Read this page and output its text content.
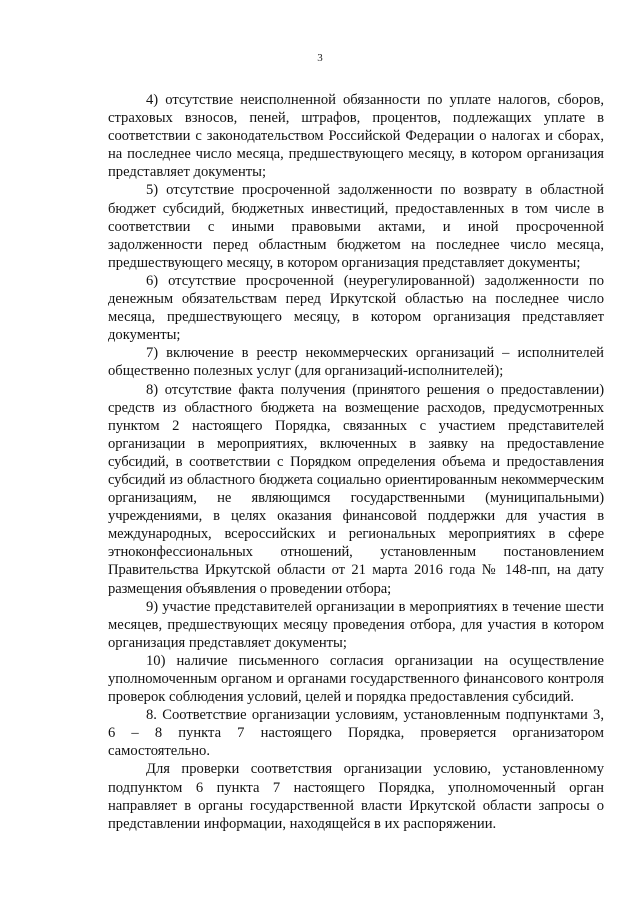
3

4) отсутствие неисполненной обязанности по уплате налогов, сборов, страховых взносов, пеней, штрафов, процентов, подлежащих уплате в соответствии с законодательством Российской Федерации о налогах и сборах, на последнее число месяца, предшествующего месяцу, в котором организация представляет документы;

5) отсутствие просроченной задолженности по возврату в областной бюджет субсидий, бюджетных инвестиций, предоставленных в том числе в соответствии с иными правовыми актами, и иной просроченной задолженности перед областным бюджетом на последнее число месяца, предшествующего месяцу, в котором организация представляет документы;

6) отсутствие просроченной (неурегулированной) задолженности по денежным обязательствам перед Иркутской областью на последнее число месяца, предшествующего месяцу, в котором организация представляет документы;

7) включение в реестр некоммерческих организаций – исполнителей общественно полезных услуг (для организаций-исполнителей);

8) отсутствие факта получения (принятого решения о предоставлении) средств из областного бюджета на возмещение расходов, предусмотренных пунктом 2 настоящего Порядка, связанных с участием представителей организации в мероприятиях, включенных в заявку на предоставление субсидий, в соответствии с Порядком определения объема и предоставления субсидий из областного бюджета социально ориентированным некоммерческим организациям, не являющимся государственными (муниципальными) учреждениями, в целях оказания финансовой поддержки для участия в международных, всероссийских и региональных мероприятиях в сфере этноконфессиональных отношений, установленным постановлением Правительства Иркутской области от 21 марта 2016 года № 148-пп, на дату размещения объявления о проведении отбора;

9) участие представителей организации в мероприятиях в течение шести месяцев, предшествующих месяцу проведения отбора, для участия в котором организация представляет документы;

10) наличие письменного согласия организации на осуществление уполномоченным органом и органами государственного финансового контроля проверок соблюдения условий, целей и порядка предоставления субсидий.

8. Соответствие организации условиям, установленным подпунктами 3, 6 – 8 пункта 7 настоящего Порядка, проверяется организатором самостоятельно.

Для проверки соответствия организации условию, установленному подпунктом 6 пункта 7 настоящего Порядка, уполномоченный орган направляет в органы государственной власти Иркутской области запросы о представлении информации, находящейся в их распоряжении.
